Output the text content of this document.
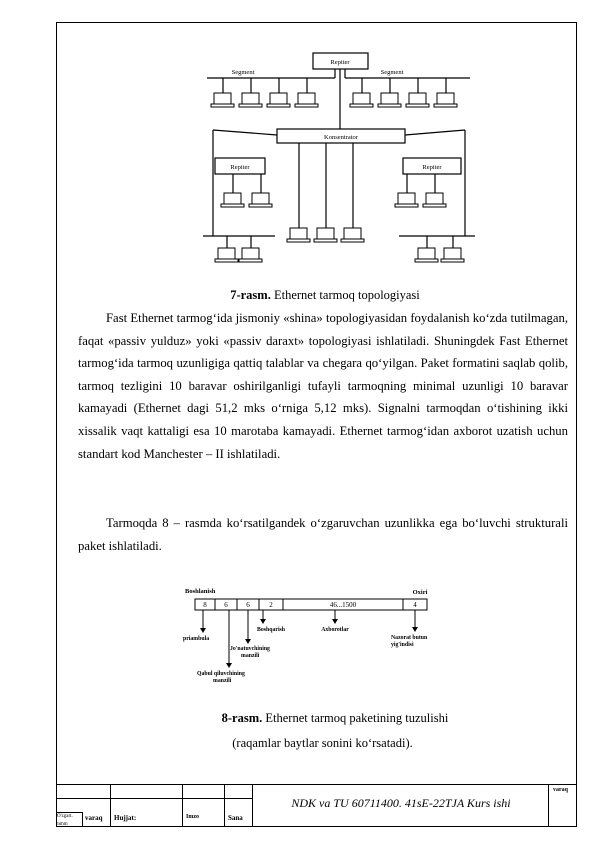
Repiter
Segment	Segment
Konsentrator
Repiter	Repiter
7-rasm. Ethernet tarmoq topologiyasi

Fast Ethernet tarmog‘ida jismoniy «shina» topologiyasidan foydalanish ko‘zda tutilmagan, faqat «passiv yulduz» yoki «passiv daraxt» topologiyasi ishlatiladi. Shuningdek Fast Ethernet tarmog‘ida tarmoq uzunligiga qattiq talablar va chegara qo‘yilgan. Paket formatini saqlab qolib, tarmoq tezligini 10 baravar oshirilganligi tufayli tarmoqning minimal uzunligi 10 baravar kamayadi (Ethernet dagi 51,2 mks o‘rniga 5,12 mks). Signalni tarmoqdan o‘tishining ikki xissalik vaqt kattaligi esa 10 marotaba kamayadi. Ethernet tarmog‘idan axborot uzatish uchun standart kod Manchester – II ishlatiladi.

Tarmoqda 8 – rasmda ko‘rsatilgandek o‘zgaruvchan uzunlikka ega bo‘luvchi strukturali paket ishlatiladi.

Boshlanish	Oxiri
8	6	6	2	46...1500	4
priambula
Qabul qiluvchining manzili
Jo'natuvchining manzili
Boshqarish	Axborotlar
Nazorat butun yig'indisi
8-rasm. Ethernet tarmoq paketining tuzulishi
(raqamlar baytlar sonini ko‘rsatadi).
O'zgart.
mmm
varaq Hujjat:	Imzo	Sana
varaq
NDK va TU 60711400. 41sE-22TJA Kurs ishi
